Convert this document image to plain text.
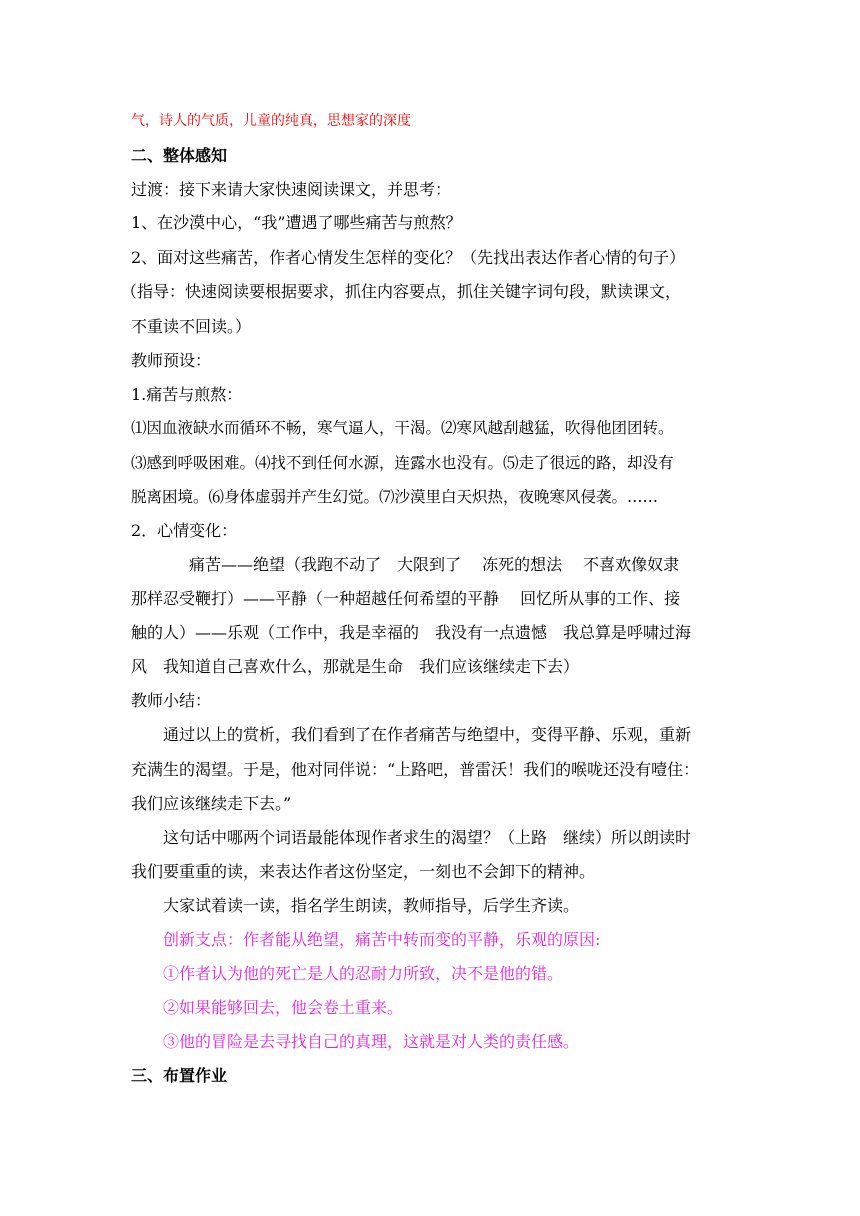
气，诗人的气质，儿童的纯真，思想家的深度
二、整体感知
过渡：接下来请大家快速阅读课文，并思考：
1、在沙漠中心，“我”遭遇了哪些痛苦与煎熬？
2、面对这些痛苦，作者心情发生怎样的变化？（先找出表达作者心情的句子）
（指导：快速阅读要根据要求，抓住内容要点，抓住关键字词句段，默读课文，
不重读不回读。）
教师预设：
1.痛苦与煎熬：
⑴因血液缺水而循环不畅，寒气逼人，干渴。⑵寒风越刮越猛，吹得他团团转。
⑶感到呼吸困难。⑷找不到任何水源，连露水也没有。⑸走了很远的路，却没有
脱离困境。⑹身体虚弱并产生幻觉。⑺沙漠里白天炽热，夜晚寒风侵袭。……
2．心情变化：
痛苦——绝望（我跑不动了　大限到了　 冻死的想法　 不喜欢像奴隶
那样忍受鞭打）——平静（一种超越任何希望的平静　 回忆所从事的工作、接
触的人）——乐观（工作中，我是幸福的　我没有一点遗憾　我总算是呼啸过海
风　我知道自己喜欢什么，那就是生命　我们应该继续走下去）
教师小结：
通过以上的赏析，我们看到了在作者痛苦与绝望中，变得平静、乐观，重新
充满生的渴望。于是，他对同伴说：“上路吧，普雷沃！我们的喉咙还没有噎住：
我们应该继续走下去。”
这句话中哪两个词语最能体现作者求生的渴望？（上路　继续）所以朗读时
我们要重重的读，来表达作者这份坚定，一刻也不会卸下的精神。
大家试着读一读，指名学生朗读，教师指导，后学生齐读。
创新支点：作者能从绝望，痛苦中转而变的平静，乐观的原因:
①作者认为他的死亡是人的忍耐力所致，决不是他的错。
②如果能够回去，他会卷土重来。
③他的冒险是去寻找自己的真理，这就是对人类的责任感。
三、布置作业
